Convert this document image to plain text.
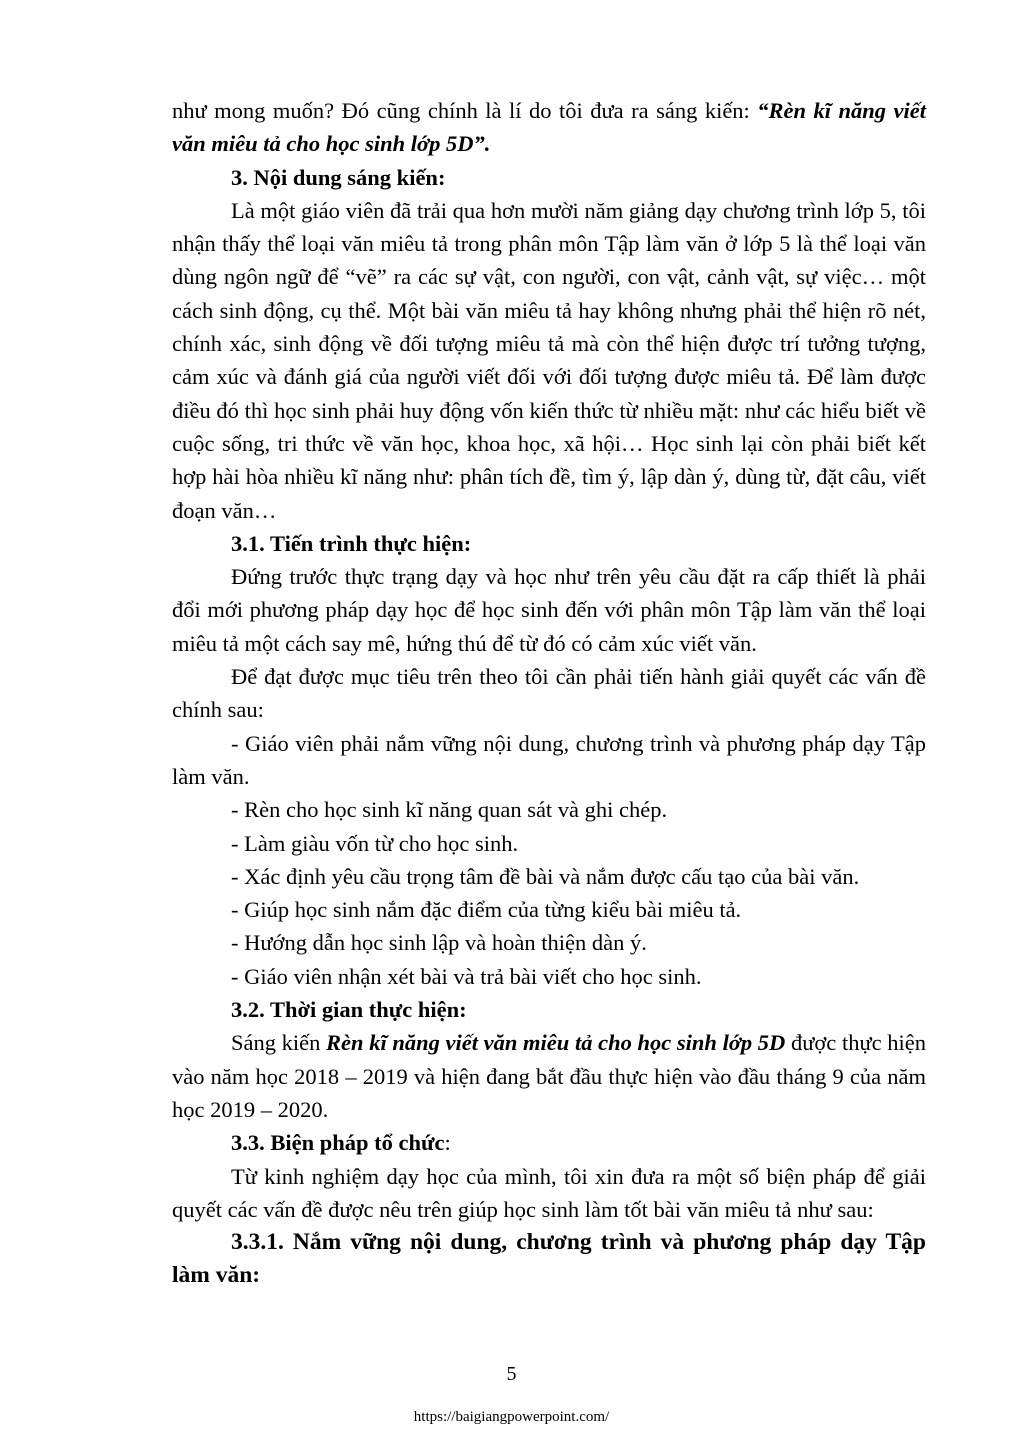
như mong muốn? Đó cũng chính là lí do tôi đưa ra sáng kiến: “Rèn kĩ năng viết văn miêu tả cho học sinh lớp 5D”.

3. Nội dung sáng kiến:

Là một giáo viên đã trải qua hơn mười năm giảng dạy chương trình lớp 5, tôi nhận thấy thể loại văn miêu tả trong phân môn Tập làm văn ở lớp 5 là thể loại văn dùng ngôn ngữ để “vẽ” ra các sự vật, con người, con vật, cảnh vật, sự việc… một cách sinh động, cụ thể. Một bài văn miêu tả hay không nhưng phải thể hiện rõ nét, chính xác, sinh động về đối tượng miêu tả mà còn thể hiện được trí tưởng tượng, cảm xúc và đánh giá của người viết đối với đối tượng được miêu tả. Để làm được điều đó thì học sinh phải huy động vốn kiến thức từ nhiều mặt: như các hiểu biết về cuộc sống, tri thức về văn học, khoa học, xã hội… Học sinh lại còn phải biết kết hợp hài hòa nhiều kĩ năng như: phân tích đề, tìm ý, lập dàn ý, dùng từ, đặt câu, viết đoạn văn…

3.1. Tiến trình thực hiện:

Đứng trước thực trạng dạy và học như trên yêu cầu đặt ra cấp thiết là phải đổi mới phương pháp dạy học để học sinh đến với phân môn Tập làm văn thể loại miêu tả một cách say mê, hứng thú để từ đó có cảm xúc viết văn.

Để đạt được mục tiêu trên theo tôi cần phải tiến hành giải quyết các vấn đề chính sau:

- Giáo viên phải nắm vững nội dung, chương trình và phương pháp dạy Tập làm văn.

- Rèn cho học sinh kĩ năng quan sát và ghi chép.

- Làm giàu vốn từ cho học sinh.

- Xác định yêu cầu trọng tâm đề bài và nắm được cấu tạo của bài văn.

- Giúp học sinh nắm đặc điểm của từng kiểu bài miêu tả.

- Hướng dẫn học sinh lập và hoàn thiện dàn ý.

- Giáo viên nhận xét bài và trả bài viết cho học sinh.

3.2. Thời gian thực hiện:

Sáng kiến Rèn kĩ năng viết văn miêu tả cho học sinh lớp 5D được thực hiện vào năm học 2018 – 2019 và hiện đang bắt đầu thực hiện vào đầu tháng 9 của năm học 2019 – 2020.

3.3. Biện pháp tổ chức:

Từ kinh nghiệm dạy học của mình, tôi xin đưa ra một số biện pháp để giải quyết các vấn đề được nêu trên giúp học sinh làm tốt bài văn miêu tả như sau:

3.3.1. Nắm vững nội dung, chương trình và phương pháp dạy Tập làm văn:

5
https://baigiangpowerpoint.com/
